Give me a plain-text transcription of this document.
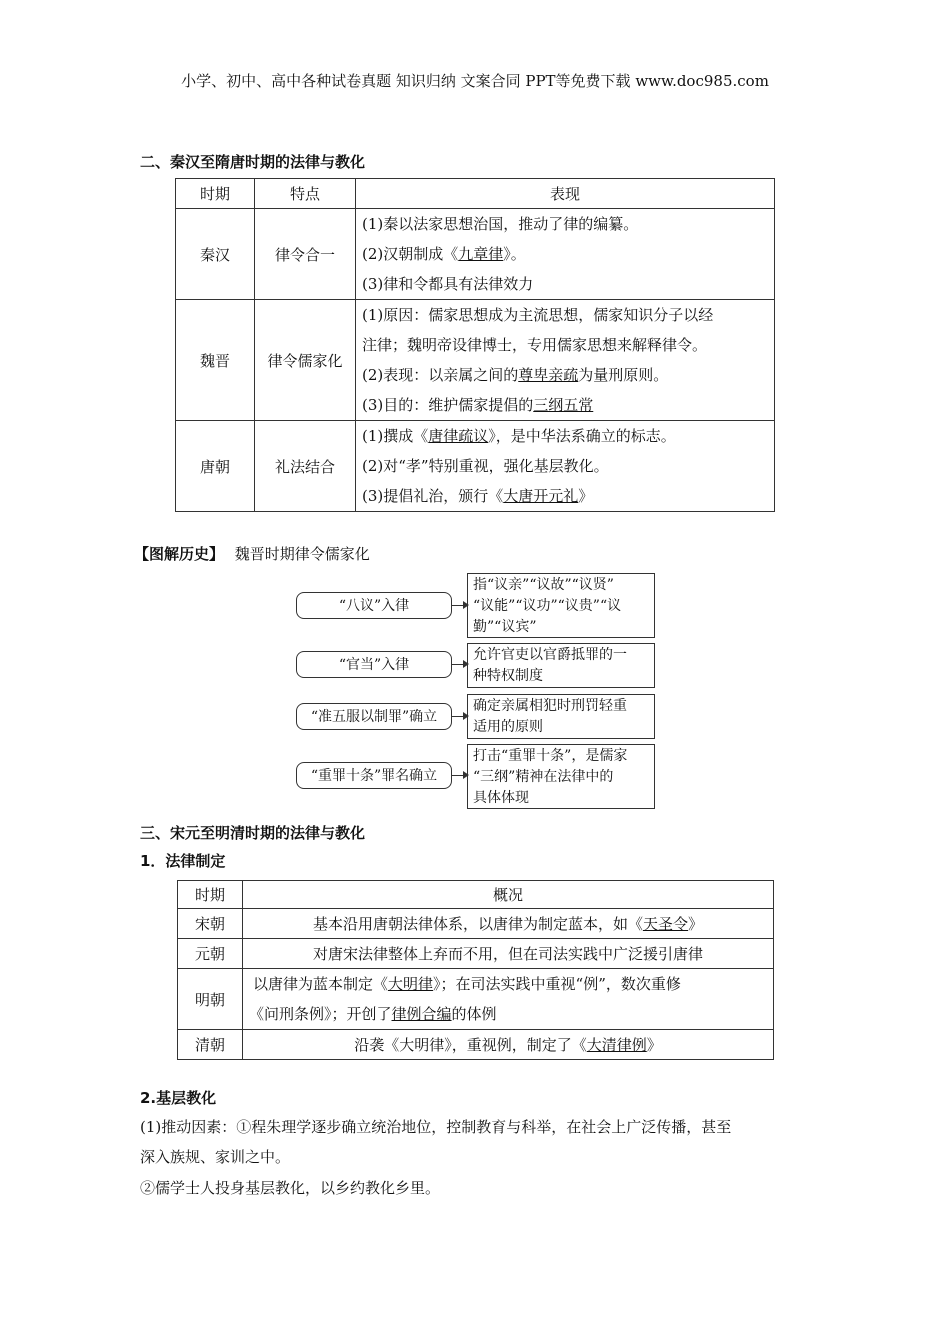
小学、初中、高中各种试卷真题 知识归纳 文案合同 PPT等免费下载 www.doc985.com
二、秦汉至隋唐时期的法律与教化
时期	特点	表现
秦汉	律令合一	(1)秦以法家思想治国，推动了律的编纂。
(2)汉朝制成《九章律》。
(3)律和令都具有法律效力

魏晋	律令儒家化	(1)原因：儒家思想成为主流思想，儒家知识分子以经
注律；魏明帝设律博士，专用儒家思想来解释律令。
(2)表现：以亲属之间的尊卑亲疏为量刑原则。
(3)目的：维护儒家提倡的三纲五常

唐朝	礼法结合	(1)撰成《唐律疏议》，是中华法系确立的标志。
(2)对“孝”特别重视，强化基层教化。
(3)提倡礼治，颁行《大唐开元礼》
【图解历史】 魏晋时期律令儒家化
“八议”入律
指“议亲”“议故”“议贤”
“议能”“议功”“议贵”“议
勤”“议宾”
“官当”入律
允许官吏以官爵抵罪的一
种特权制度
“准五服以制罪”确立
确定亲属相犯时刑罚轻重
适用的原则
“重罪十条”罪名确立
打击“重罪十条”，是儒家
“三纲”精神在法律中的
具体体现
三、宋元至明清时期的法律与教化
1．法律制定
时期	概况
宋朝	基本沿用唐朝法律体系，以唐律为制定蓝本，如《天圣令》
元朝	对唐宋法律整体上弃而不用，但在司法实践中广泛援引唐律
明朝	以唐律为蓝本制定《大明律》；在司法实践中重视“例”，数次重修
《问刑条例》；开创了律例合编的体例

清朝	沿袭《大明律》，重视例，制定了《大清律例》
2.基层教化
(1)推动因素：①程朱理学逐步确立统治地位，控制教育与科举，在社会上广泛传播，甚至
深入族规、家训之中。
②儒学士人投身基层教化，以乡约教化乡里。
